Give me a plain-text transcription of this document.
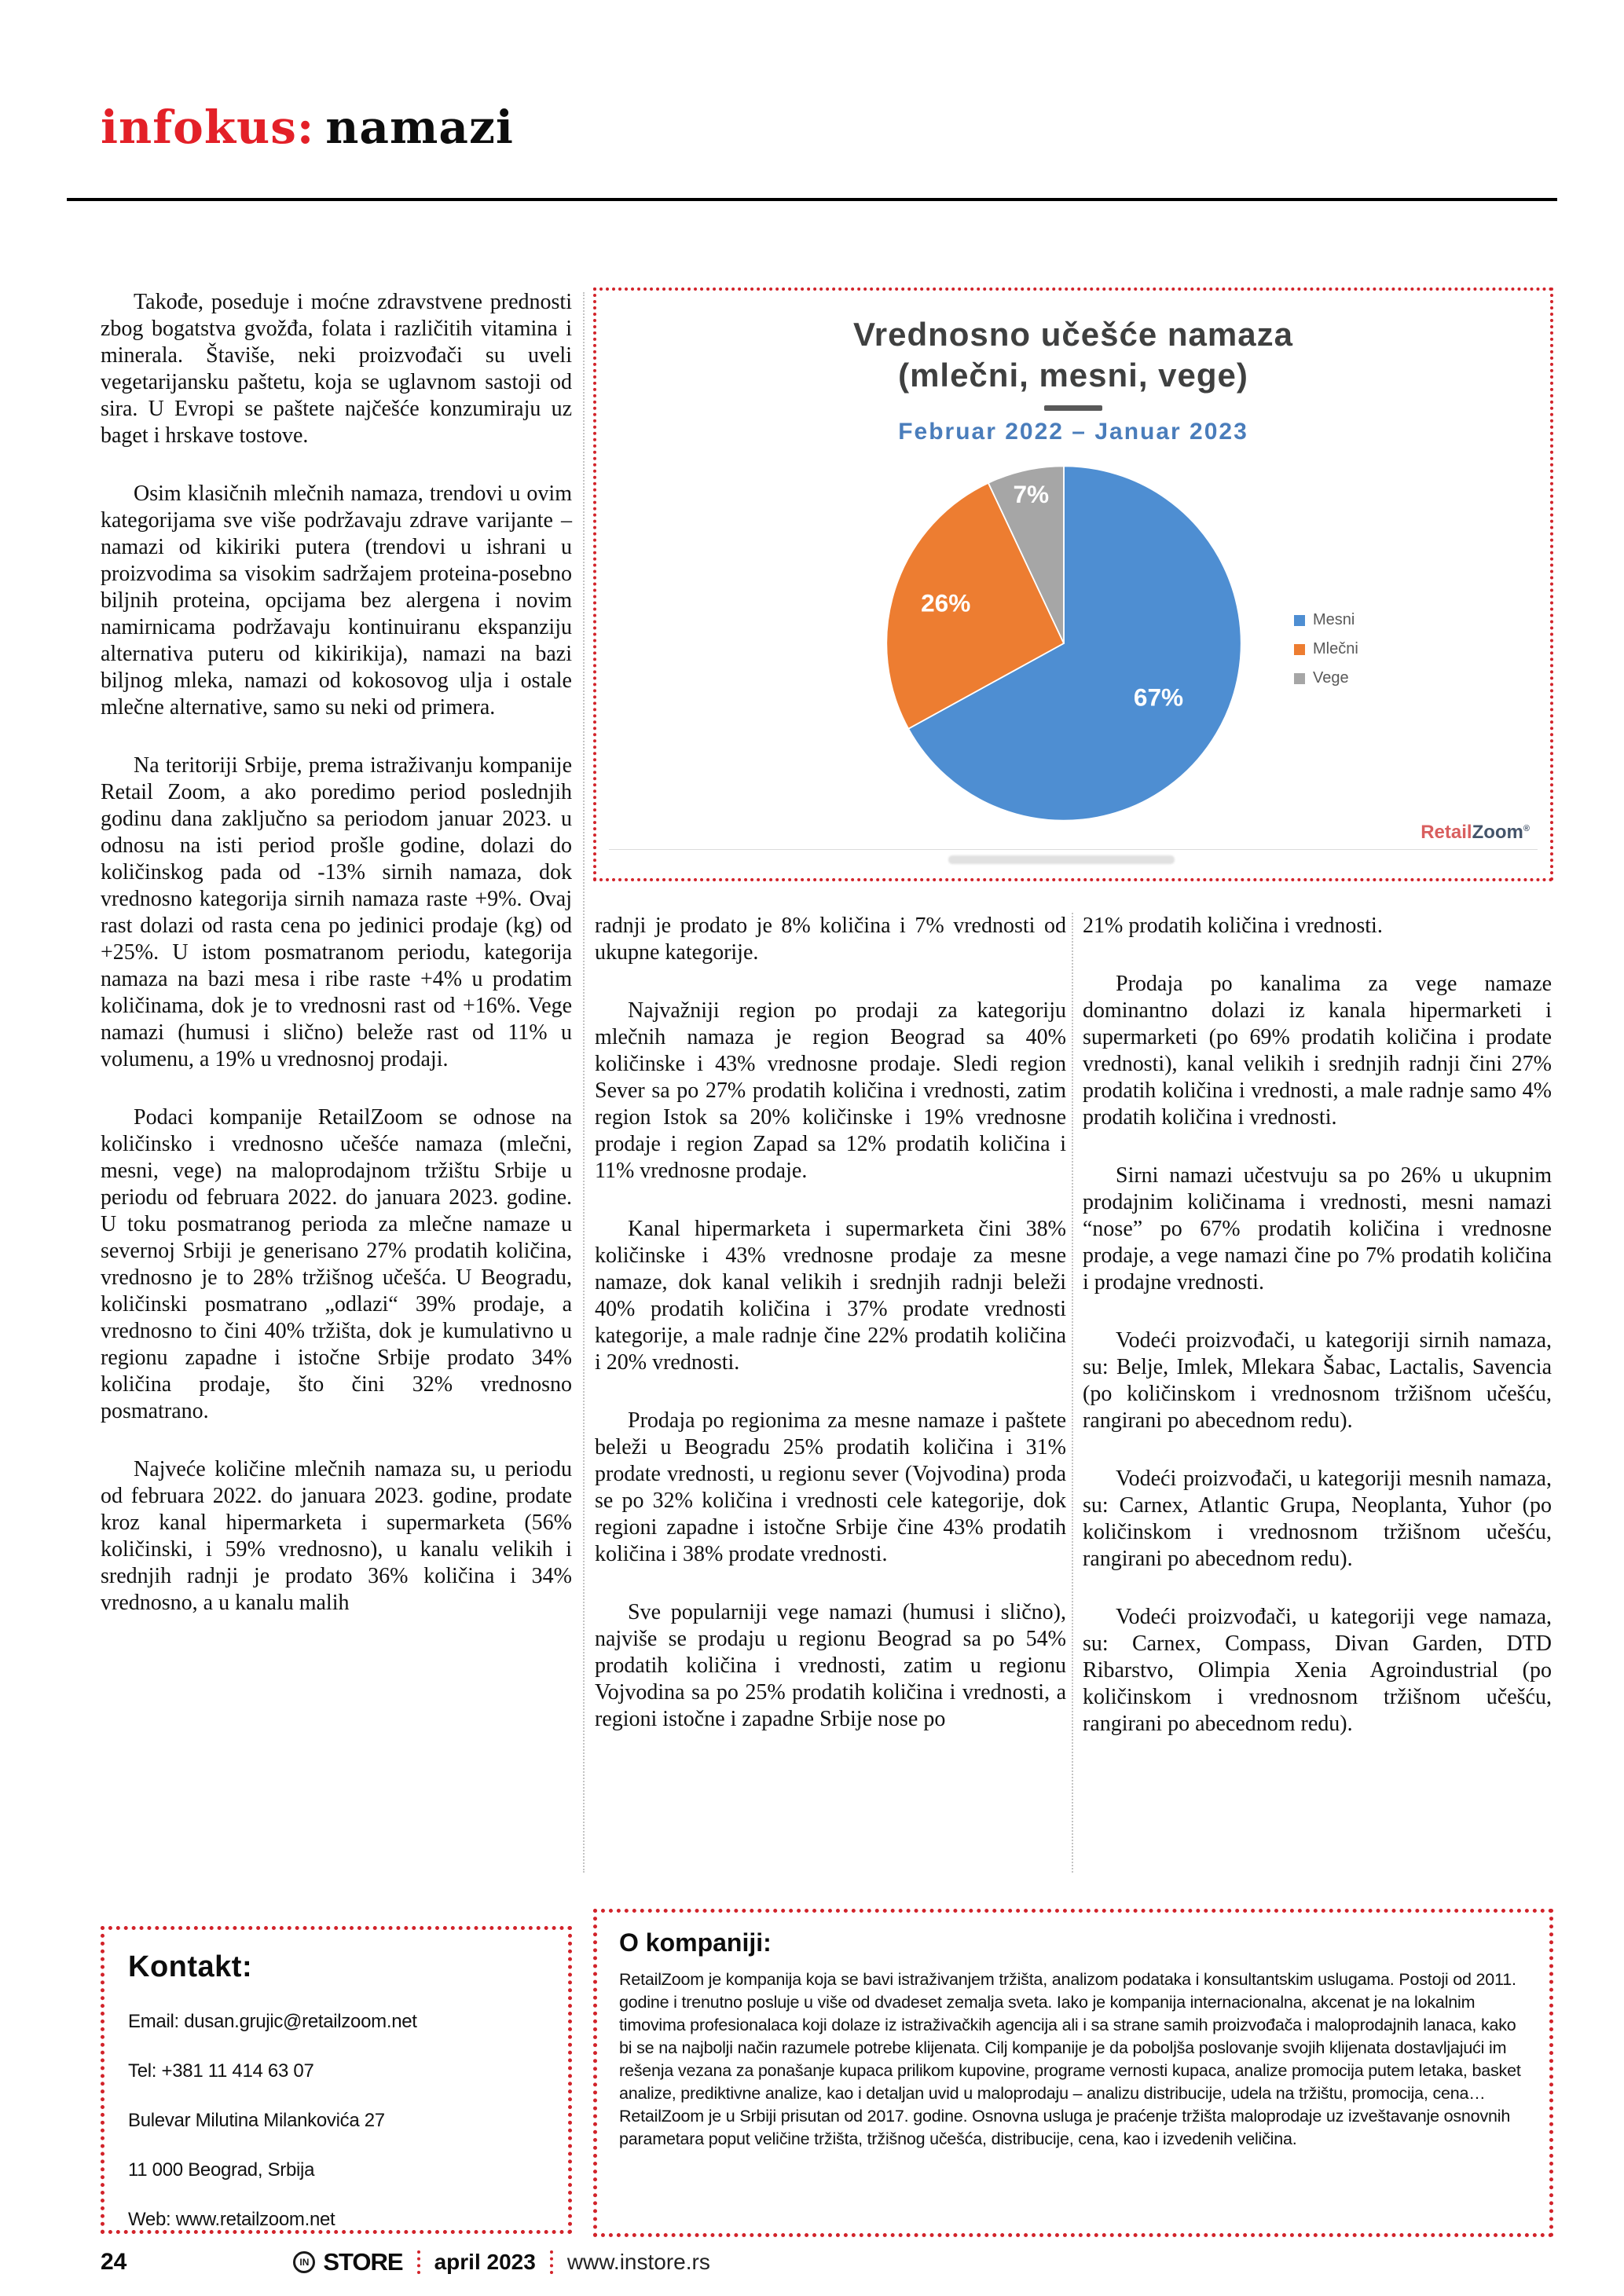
infokus: namazi

Takođe, poseduje i moćne zdravstvene prednosti zbog bogatstva gvožđa, folata i različitih vitamina i minerala. Štaviše, neki proizvođači su uveli vegetarijansku paštetu, koja se uglavnom sastoji od sira. U Evropi se paštete najčešće konzumiraju uz baget i hrskave tostove.

Osim klasičnih mlečnih namaza, trendovi u ovim kategorijama sve više podržavaju zdrave varijante – namazi od kikiriki putera (trendovi u ishrani u proizvodima sa visokim sadržajem proteina-posebno biljnih proteina, opcijama bez alergena i novim namirnicama podržavaju kontinuiranu ekspanziju alternativa puteru od kikirikija), namazi na bazi biljnog mleka, namazi od kokosovog ulja i ostale mlečne alternative, samo su neki od primera.

Na teritoriji Srbije, prema istraživanju kompanije Retail Zoom, a ako poredimo period poslednjih godinu dana zaključno sa periodom januar 2023. u odnosu na isti period prošle godine, dolazi do količinskog pada od -13% sirnih namaza, dok vrednosno kategorija sirnih namaza raste +9%. Ovaj rast dolazi od rasta cena po jedinici prodaje (kg) od +25%. U istom posmatranom periodu, kategorija namaza na bazi mesa i ribe raste +4% u prodatim količinama, dok je to vrednosni rast od +16%. Vege namazi (humusi i slično) beleže rast od 11% u volumenu, a 19% u vrednosnoj prodaji.

Podaci kompanije RetailZoom se odnose na količinsko i vrednosno učešće namaza (mlečni, mesni, vege) na maloprodajnom tržištu Srbije u periodu od februara 2022. do januara 2023. godine. U toku posmatranog perioda za mlečne namaze u severnoj Srbiji je generisano 27% prodatih količina, vrednosno je to 28% tržišnog učešća. U Beogradu, količinski posmatrano „odlazi“ 39% prodaje, a vrednosno to čini 40% tržišta, dok je kumulativno u regionu zapadne i istočne Srbije prodato 34% količina prodaje, što čini 32% vrednosno posmatrano.

Najveće količine mlečnih namaza su, u periodu od februara 2022. do januara 2023. godine, prodate kroz kanal hipermarketa i supermarketa (56% količinski, i 59% vrednosno), u kanalu velikih i srednjih radnji je prodato 36% količina i 34% vrednosno, a u kanalu malih

Vrednosno učešće namaza
(mlečni, mesni, vege)
Februar 2022 – Januar 2023
67%
26%
7%
Mesni
Mlečni
Vege
RetailZoom®

radnji je prodato je 8% količina i 7% vrednosti od ukupne kategorije.

Najvažniji region po prodaji za kategoriju mlečnih namaza je region Beograd sa 40% količinske i 43% vrednosne prodaje. Sledi region Sever sa po 27% prodatih količina i vrednosti, zatim region Istok sa 20% količinske i 19% vrednosne prodaje i region Zapad sa 12% prodatih količina i 11% vrednosne prodaje.

Kanal hipermarketa i supermarketa čini 38% količinske i 43% vrednosne prodaje za mesne namaze, dok kanal velikih i srednjih radnji beleži 40% prodatih količina i 37% prodate vrednosti kategorije, a male radnje čine 22% prodatih količina i 20% vrednosti.

Prodaja po regionima za mesne namaze i paštete beleži u Beogradu 25% prodatih količina i 31% prodate vrednosti, u regionu sever (Vojvodina) proda se po 32% količina i vrednosti cele kategorije, dok regioni zapadne i istočne Srbije čine 43% prodatih količina i 38% prodate vrednosti.

Sve popularniji vege namazi (humusi i slično), najviše se prodaju u regionu Beograd sa po 54% prodatih količina i vrednosti, zatim u regionu Vojvodina sa po 25% prodatih količina i vrednosti, a regioni istočne i zapadne Srbije nose po

21% prodatih količina i vrednosti.

Prodaja po kanalima za vege namaze dominantno dolazi iz kanala hipermarketi i supermarketi (po 69% prodatih količina i prodate vrednosti), kanal velikih i srednjih radnji čini 27% prodatih količina i vrednosti, a male radnje samo 4% prodatih količina i vrednosti.

Sirni namazi učestvuju sa po 26% u ukupnim prodajnim količinama i vrednosti, mesni namazi “nose” po 67% prodatih količina i vrednosne prodaje, a vege namazi čine po 7% prodatih količina i prodajne vrednosti.

Vodeći proizvođači, u kategoriji sirnih namaza, su: Belje, Imlek, Mlekara Šabac, Lactalis, Savencia (po količinskom i vrednosnom tržišnom učešću, rangirani po abecednom redu).

Vodeći proizvođači, u kategoriji mesnih namaza, su: Carnex, Atlantic Grupa, Neoplanta, Yuhor (po količinskom i vrednosnom tržišnom učešću, rangirani po abecednom redu).

Vodeći proizvođači, u kategoriji vege namaza, su: Carnex, Compass, Divan Garden, DTD Ribarstvo, Olimpia Xenia Agroindustrial (po količinskom i vrednosnom tržišnom učešću, rangirani po abecednom redu).

Kontakt:

Email: dusan.grujic@retailzoom.net

Tel: +381 11 414 63 07

Bulevar Milutina Milankovića 27

11 000 Beograd, Srbija

Web: www.retailzoom.net

O kompaniji:
RetailZoom je kompanija koja se bavi istraživanjem tržišta, analizom podataka i konsultantskim uslugama. Postoji od 2011. godine i trenutno posluje u više od dvadeset zemalja sveta. Iako je kompanija internacionalna, akcenat je na lokalnim timovima profesionalaca koji dolaze iz istraživačkih agencija ali i sa strane samih proizvođača i maloprodajnih lanaca, kako bi se na najbolji način razumele potrebe klijenata. Cilj kompanije je da poboljša poslovanje svojih klijenata dostavljajući im rešenja vezana za ponašanje kupaca prilikom kupovine, programe vernosti kupaca, analize promocija putem letaka, basket analize, prediktivne analize, kao i detaljan uvid u maloprodaju – analizu distribucije, udela na tržištu, promocija, cena… RetailZoom je u Srbiji prisutan od 2017. godine. Osnovna usluga je praćenje tržišta maloprodaje uz izveštavanje osnovnih parametara poput veličine tržišta, tržišnog učešća, distribucije, cena, kao i izvedenih veličina.
24	IN STORE april 2023 www.instore.rs
